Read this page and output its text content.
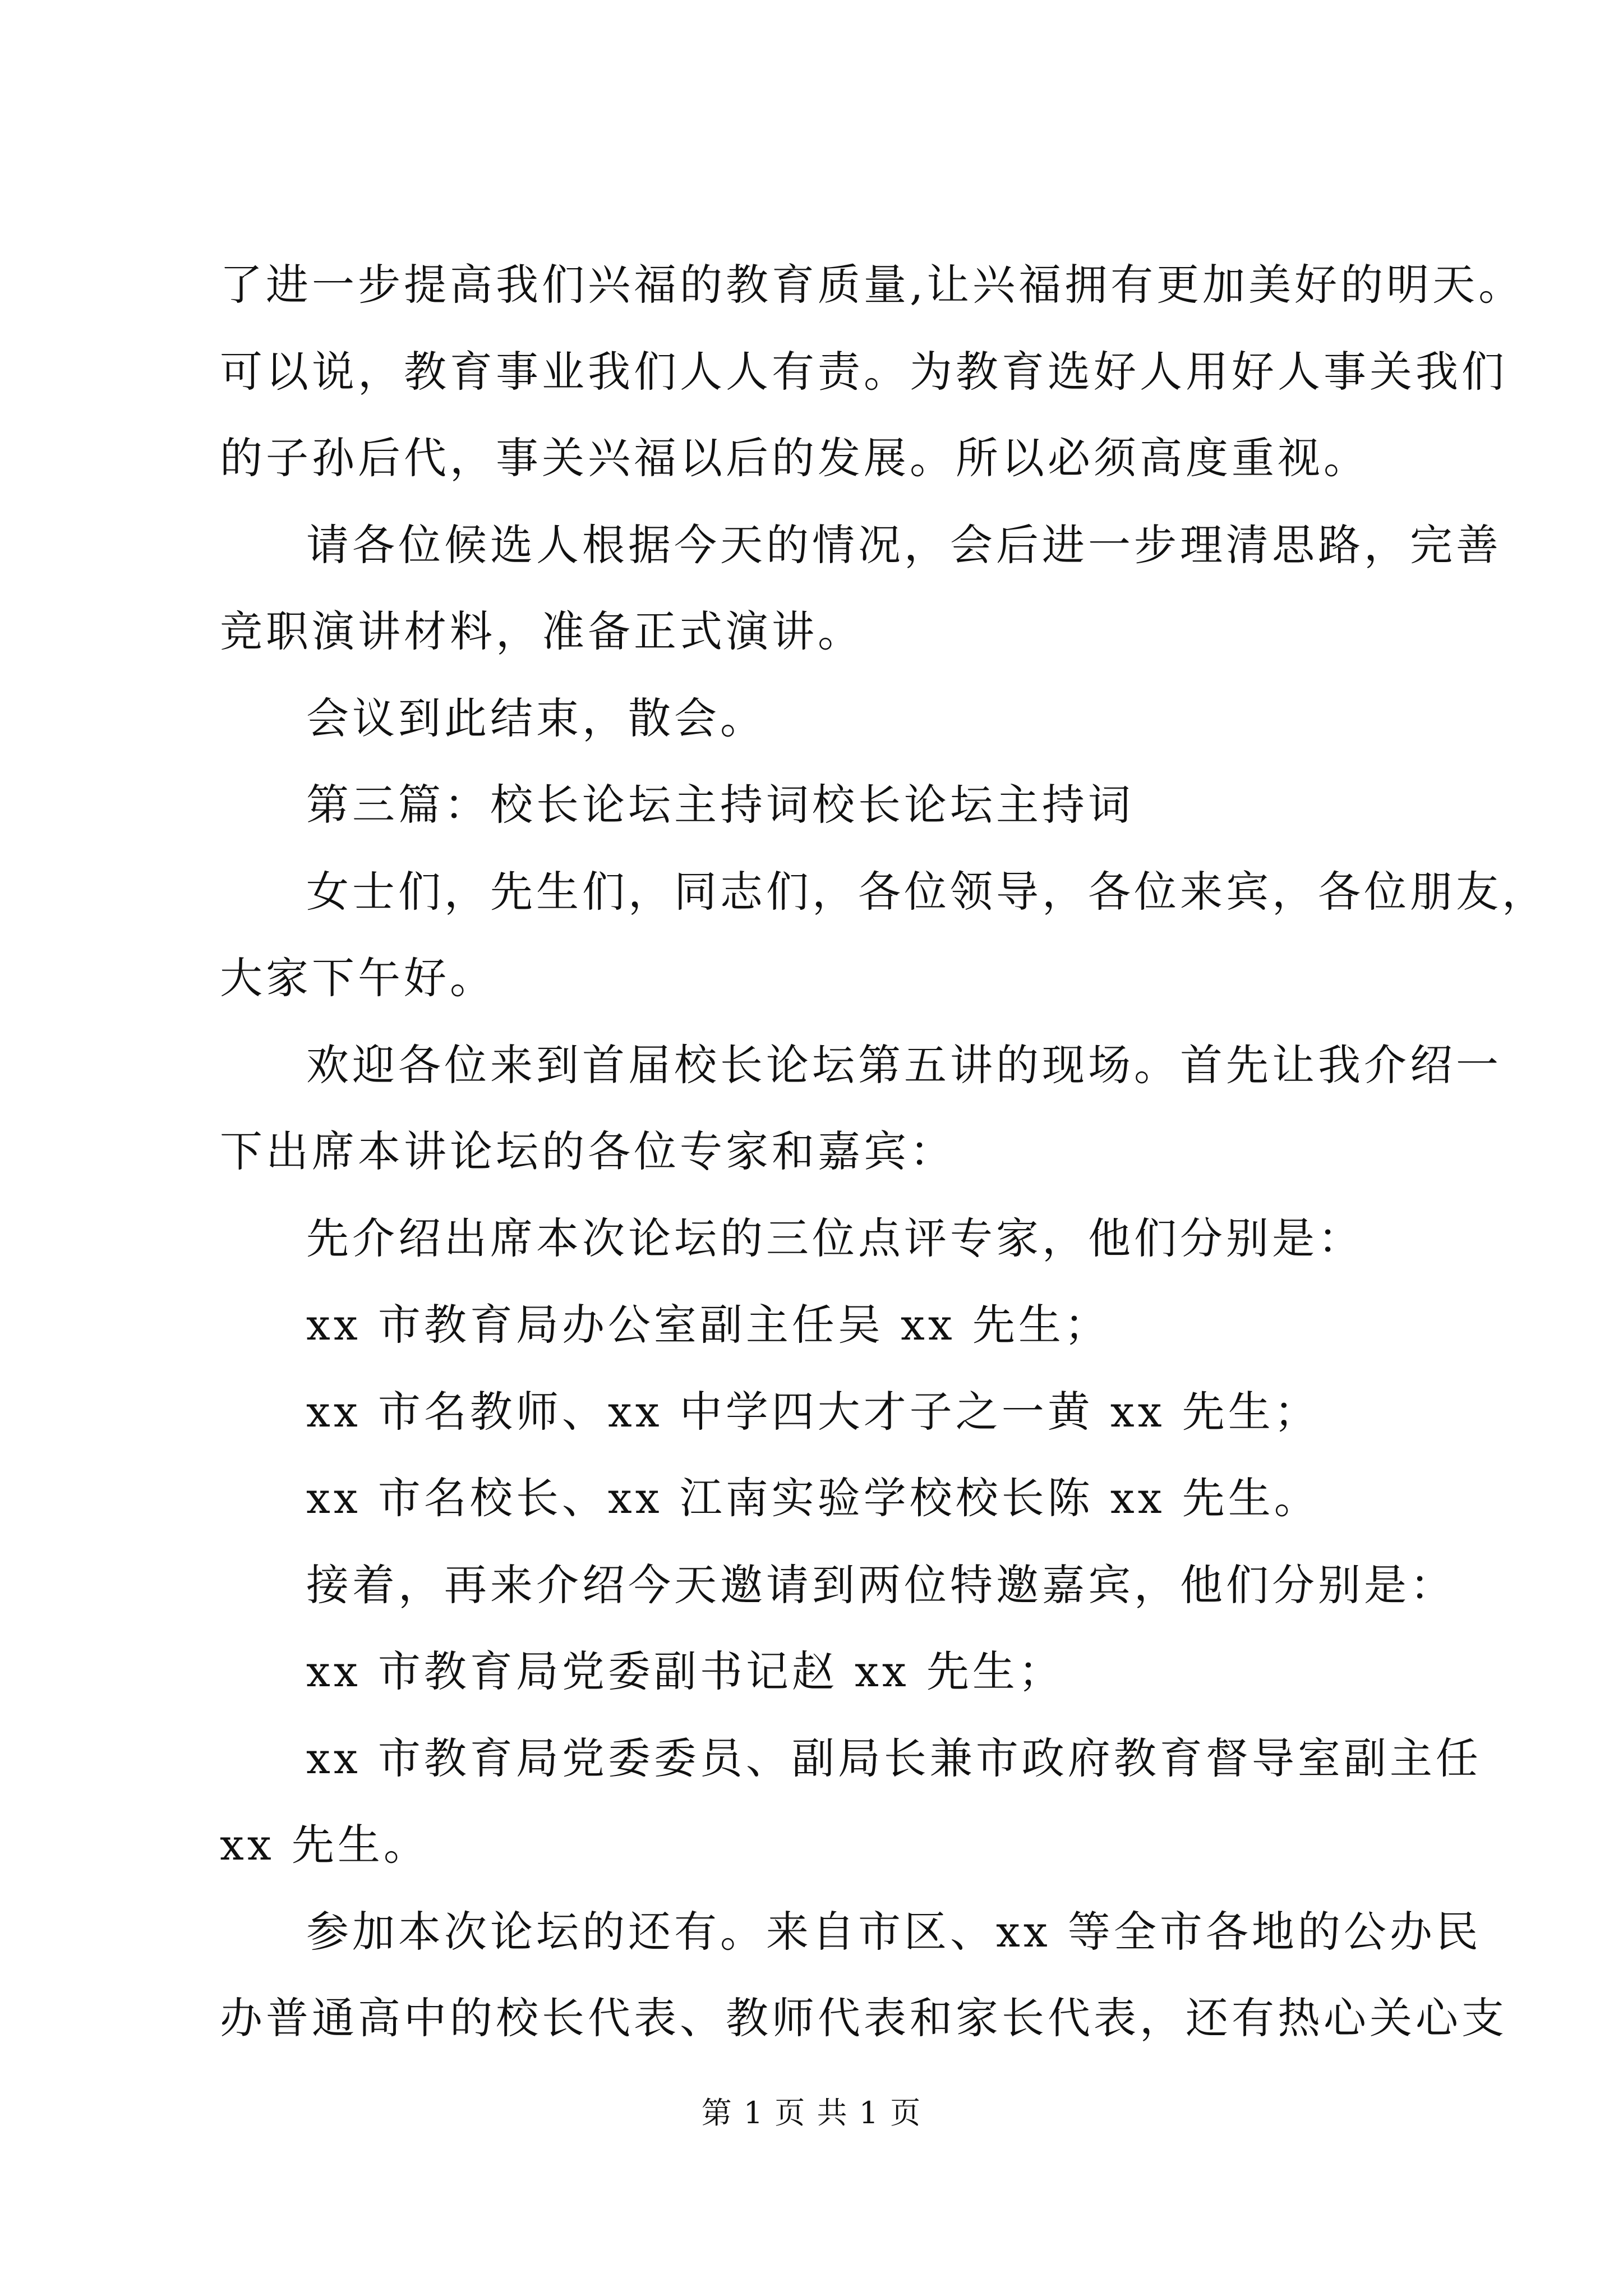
了进一步提高我们兴福的教育质量,让兴福拥有更加美好的明天。
可以说，教育事业我们人人有责。为教育选好人用好人事关我们
的子孙后代，事关兴福以后的发展。所以必须高度重视。
请各位候选人根据今天的情况，会后进一步理清思路，完善
竞职演讲材料，准备正式演讲。
会议到此结束，散会。
第三篇：校长论坛主持词校长论坛主持词
女士们，先生们，同志们，各位领导，各位来宾，各位朋友，
大家下午好。
欢迎各位来到首届校长论坛第五讲的现场。首先让我介绍一
下出席本讲论坛的各位专家和嘉宾：
先介绍出席本次论坛的三位点评专家，他们分别是：
xx 市教育局办公室副主任吴 xx 先生；
xx 市名教师、xx 中学四大才子之一黄 xx 先生；
xx 市名校长、xx 江南实验学校校长陈 xx 先生。
接着，再来介绍今天邀请到两位特邀嘉宾，他们分别是：
xx 市教育局党委副书记赵 xx 先生；
xx 市教育局党委委员、副局长兼市政府教育督导室副主任
xx 先生。
参加本次论坛的还有。来自市区、xx 等全市各地的公办民
办普通高中的校长代表、教师代表和家长代表，还有热心关心支
第 1 页 共 1 页
